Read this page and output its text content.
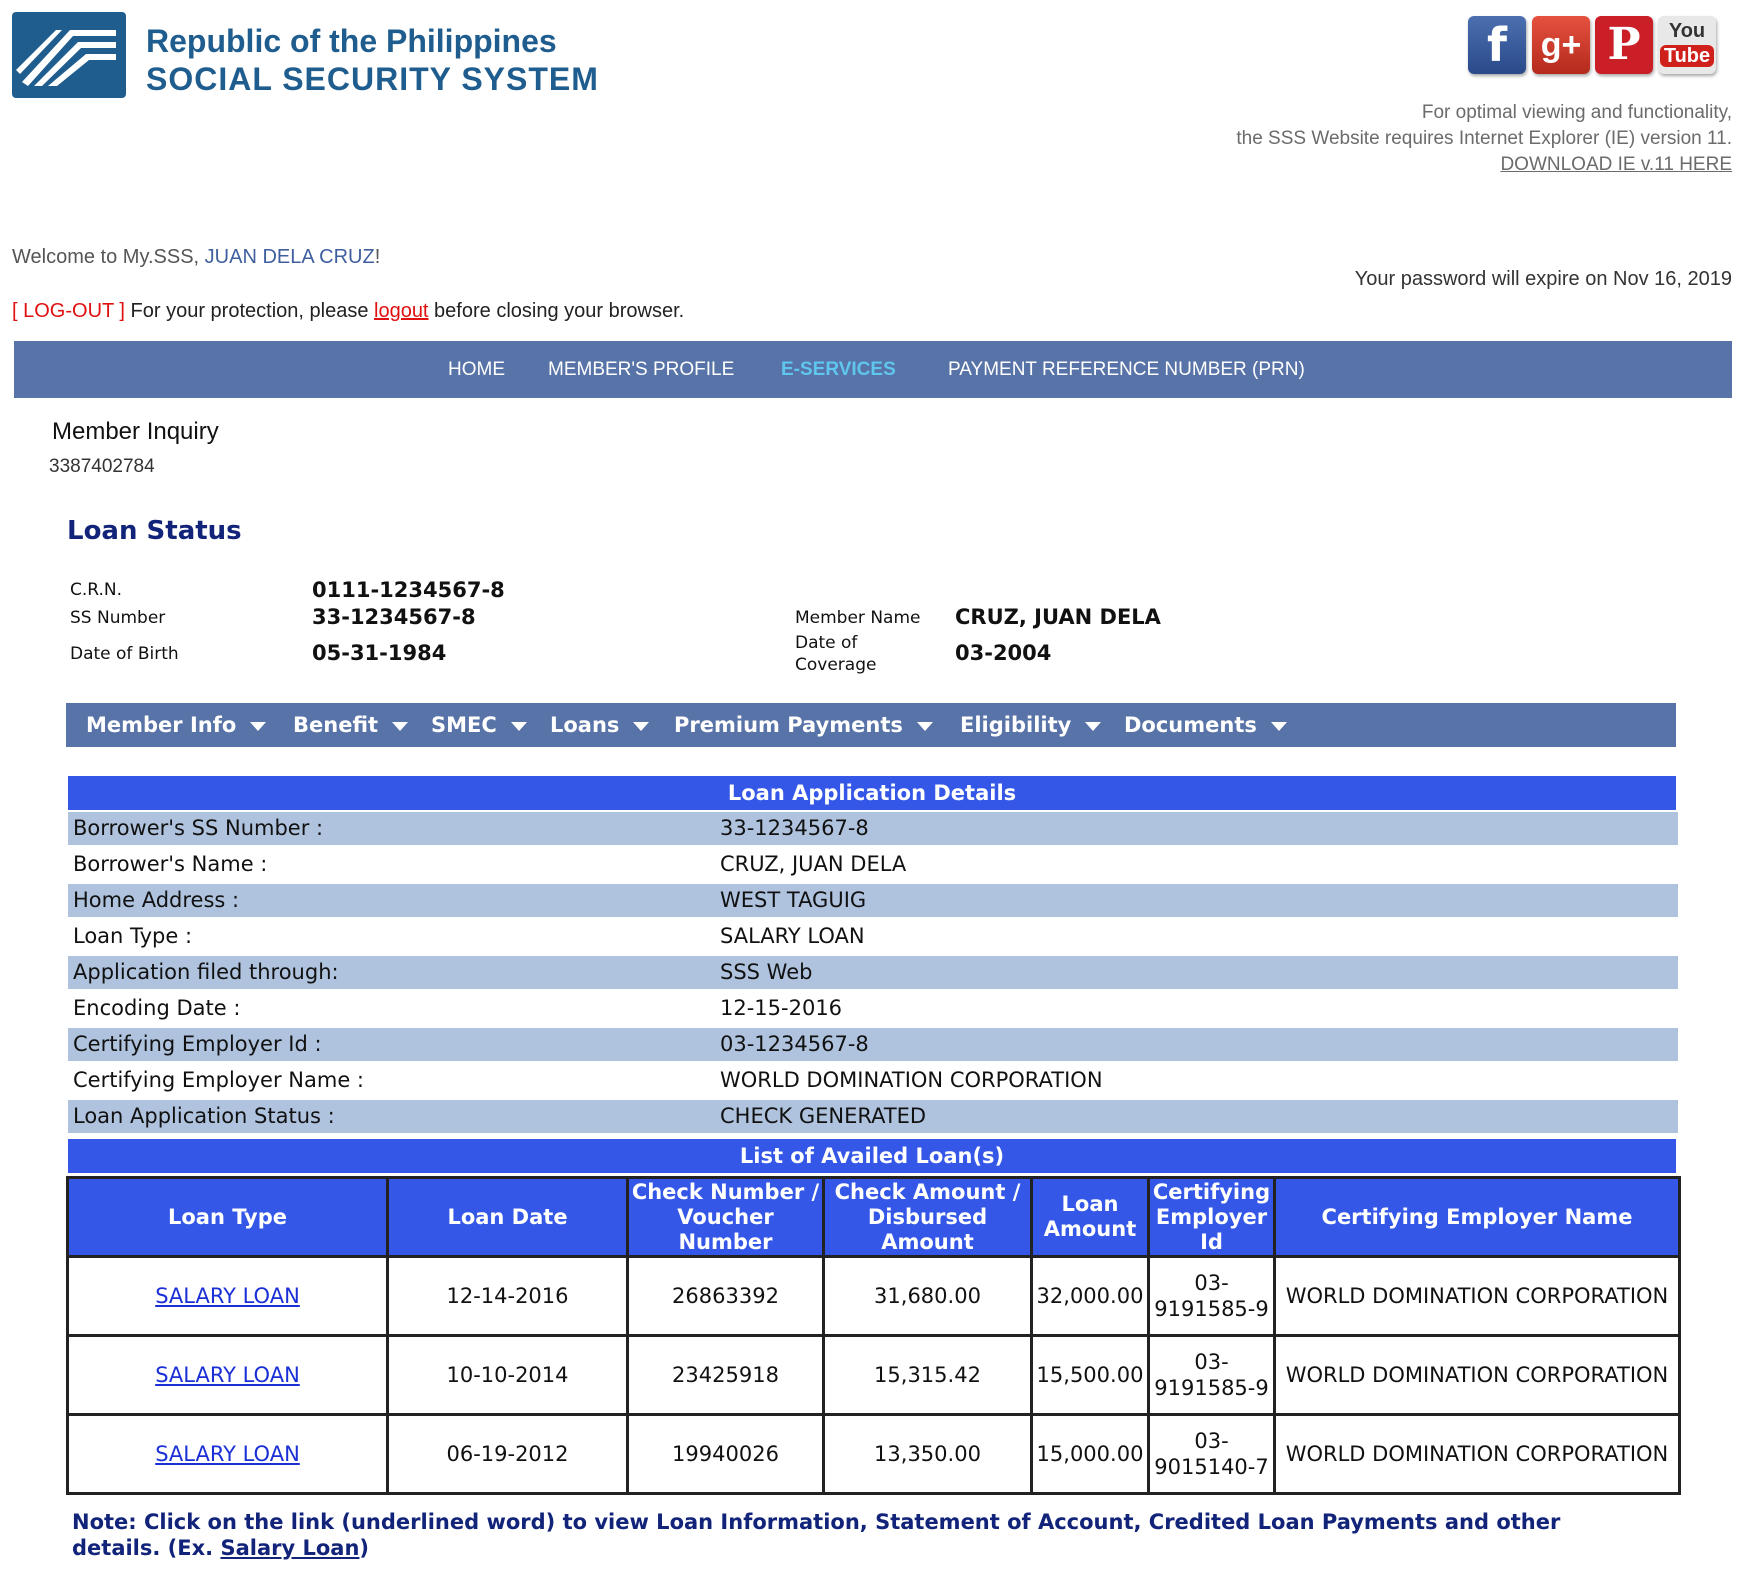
Republic of the Philippines
SOCIAL SECURITY SYSTEM
f g+ P	You
Tube
For optimal viewing and functionality,
the SSS Website requires Internet Explorer (IE) version 11.
DOWNLOAD IE v.11 HERE
Welcome to My.SSS, JUAN DELA CRUZ!
Your password will expire on Nov 16, 2019
[ LOG-OUT ] For your protection, please logout before closing your browser.
HOME MEMBER'S PROFILE E-SERVICES	PAYMENT REFERENCE NUMBER (PRN)
Member Inquiry
3387402784
Loan Status
C.R.N.	0111-1234567-8
SS Number	33-1234567-8
Date of Birth	05-31-1984
Member Name CRUZ, JUAN DELA
Date of
Coverage	03-2004
Member Info	Benefit	SMEC	Loans	Premium Payments	Eligibility	Documents
Loan Application Details
Borrower's SS Number :	33-1234567-8
Borrower's Name :	CRUZ, JUAN DELA
Home Address :	WEST TAGUIG
Loan Type :	SALARY LOAN
Application filed through:	SSS Web
Encoding Date :	12-15-2016
Certifying Employer Id :	03-1234567-8
Certifying Employer Name :	WORLD DOMINATION CORPORATION
Loan Application Status :	CHECK GENERATED
List of Availed Loan(s)
Loan Type	Loan Date	Check Number / Voucher Number	Check Amount / Disbursed Amount	Loan Amount	Certifying Employer Id	Certifying Employer Name
SALARY LOAN	12-14-2016	26863392	31,680.00	32,000.00	03-9191585-9	WORLD DOMINATION CORPORATION
SALARY LOAN	10-10-2014	23425918	15,315.42	15,500.00	03-9191585-9	WORLD DOMINATION CORPORATION
SALARY LOAN	06-19-2012	19940026	13,350.00	15,000.00	03-9015140-7	WORLD DOMINATION CORPORATION
Note: Click on the link (underlined word) to view Loan Information, Statement of Account, Credited Loan Payments and other details. (Ex. Salary Loan)
